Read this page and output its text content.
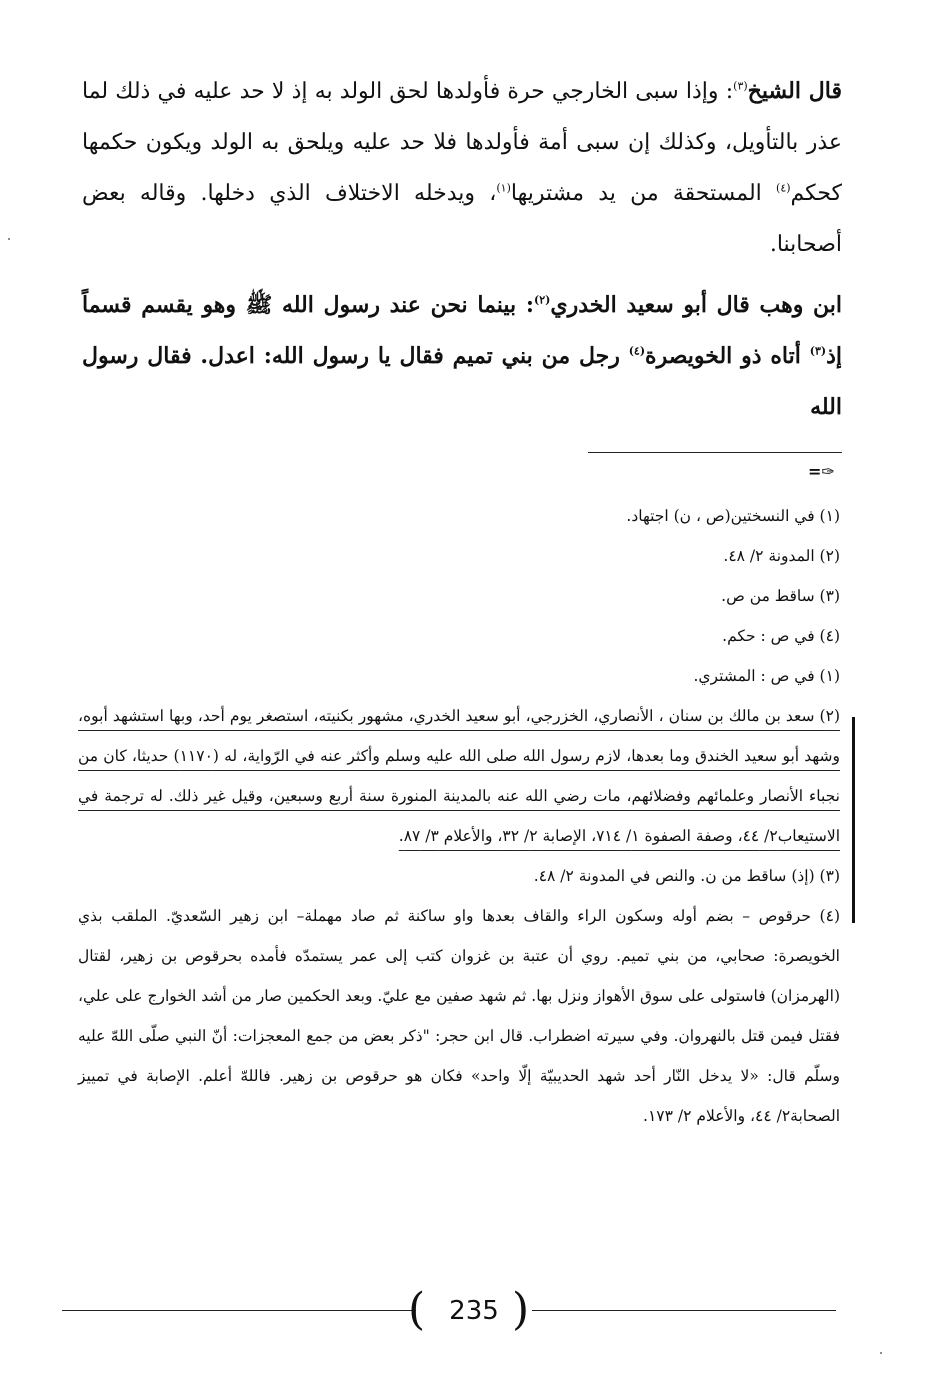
قال الشيخ$^{(٣)}$: وإذا سبى الخارجي حرة فأولدها لحق الولد به إذ لا حد عليه في ذلك لما عذر بالتأويل، وكذلك إن سبى أمة فأولدها فلا حد عليه ويلحق به الولد ويكون حكمها كحكم$^{(٤)}$ المستحقة من يد مشتريها$^{(١)}$، ويدخله الاختلاف الذي دخلها. وقاله بعض أصحابنا.

ابن وهب قال أبو سعيد الخدري$^{(٢)}$: بينما نحن عند رسول الله ﷺ وهو يقسم قسماً إذ$^{(٣)}$ أتاه ذو الخويصرة$^{(٤)}$ رجل من بني تميم فقال يا رسول الله: اعدل. فقال رسول الله

=✑

(١) في النسختين(ص ، ن) اجتهاد.

(٢) المدونة ٢/ ٤٨.

(٣) ساقط من ص.

(٤) في ص : حكم.

(١) في ص : المشتري.

(٢) سعد بن مالك بن سنان ، الأنصاري، الخزرجي، أبو سعيد الخدري، مشهور بكنيته، استصغر يوم أحد، وبها استشهد أبوه، وشهد أبو سعيد الخندق وما بعدها، لازم رسول الله صلى الله عليه وسلم وأكثر عنه في الرّواية، له (١١٧٠) حديثا، كان من نجباء الأنصار وعلمائهم وفضلائهم، مات رضي الله عنه بالمدينة المنورة سنة أربع وسبعين، وقيل غير ذلك. له ترجمة في الاستيعاب٢/ ٤٤، وصفة الصفوة ١/ ٧١٤، الإصابة ٢/ ٣٢، والأعلام ٣/ ٨٧.

(٣) (إذ) ساقط من ن. والنص في المدونة ٢/ ٤٨.

(٤) حرقوص – بضم أوله وسكون الراء والقاف بعدها واو ساكنة ثم صاد مهملة– ابن زهير السّعديّ. الملقب بذي الخويصرة: صحابي، من بني تميم. روي أن عتبة بن غزوان كتب إلى عمر يستمدّه فأمده بحرقوص بن زهير، لقتال (الهرمزان) فاستولى على سوق الأهواز ونزل بها. ثم شهد صفين مع عليّ. وبعد الحكمين صار من أشد الخوارج على علي، فقتل فيمن قتل بالنهروان. وفي سيرته اضطراب. قال ابن حجر: "ذكر بعض من جمع المعجزات: أنّ النبي صلّى اللهّ عليه وسلّم قال: «لا يدخل النّار أحد شهد الحديبيّة إلّا واحد» فكان هو حرقوص بن زهير. فاللهّ أعلم. الإصابة في تمييز الصحابة٢/ ٤٤، والأعلام ٢/ ١٧٣.

( 235 )
